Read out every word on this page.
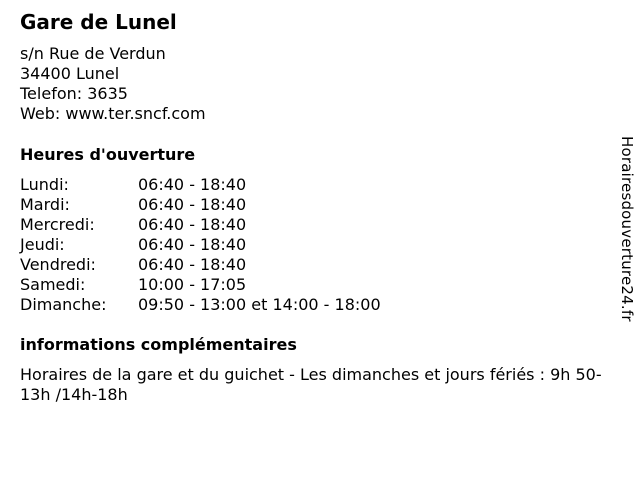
Gare de Lunel
s/n Rue de Verdun
34400 Lunel
Telefon: 3635
Web: www.ter.sncf.com
Heures d'ouverture
Lundi:	06:40 - 18:40
Mardi:	06:40 - 18:40
Mercredi:	06:40 - 18:40
Jeudi:	06:40 - 18:40
Vendredi:	06:40 - 18:40
Samedi:	10:00 - 17:05
Dimanche: 09:50 - 13:00 et 14:00 - 18:00
informations complémentaires
Horaires de la gare et du guichet - Les dimanches et jours fériés : 9h 50-13h /14h-18h
Horairesdouverture24.fr
